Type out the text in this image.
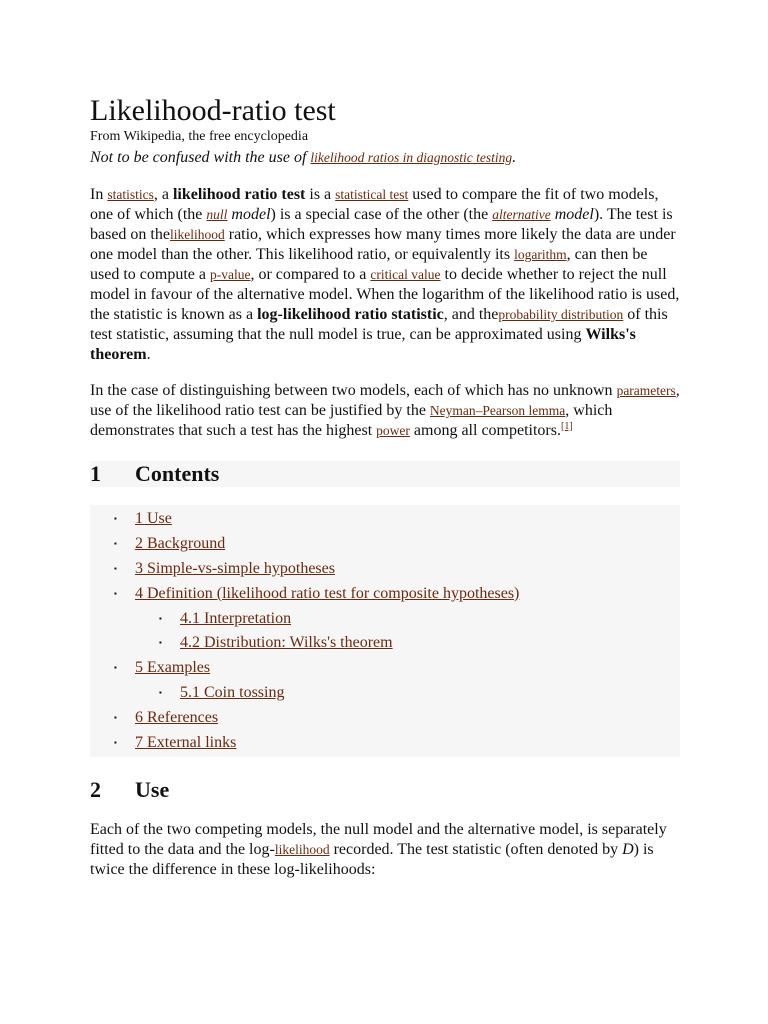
Likelihood-ratio test
From Wikipedia, the free encyclopedia
Not to be confused with the use of likelihood ratios in diagnostic testing.

In statistics, a likelihood ratio test is a statistical test used to compare the fit of two models, one of which (the null model) is a special case of the other (the alternative model). The test is based on thelikelihood ratio, which expresses how many times more likely the data are under one model than the other. This likelihood ratio, or equivalently its logarithm, can then be used to compute a p-value, or compared to a critical value to decide whether to reject the null model in favour of the alternative model. When the logarithm of the likelihood ratio is used, the statistic is known as a log-likelihood ratio statistic, and theprobability distribution of this test statistic, assuming that the null model is true, can be approximated using Wilks's theorem.

In the case of distinguishing between two models, each of which has no unknown parameters, use of the likelihood ratio test can be justified by the Neyman–Pearson lemma, which demonstrates that such a test has the highest power among all competitors.[1]

1	Contents
▪ 1 Use
▪ 2 Background
▪ 3 Simple-vs-simple hypotheses
▪ 4 Definition (likelihood ratio test for composite hypotheses)
▪ 4.1 Interpretation
▪ 4.2 Distribution: Wilks's theorem
▪ 5 Examples
▪ 5.1 Coin tossing
▪ 6 References
▪ 7 External links
2	Use

Each of the two competing models, the null model and the alternative model, is separately fitted to the data and the log-likelihood recorded. The test statistic (often denoted by D) is twice the difference in these log-likelihoods:
